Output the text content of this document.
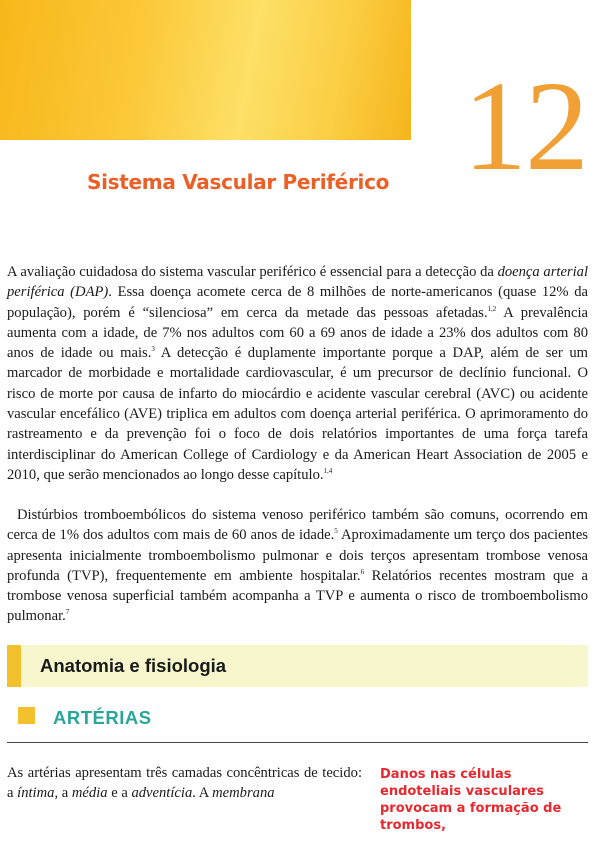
12
Sistema Vascular Periférico

A avaliação cuidadosa do sistema vascular periférico é essencial para a detecção da doença arterial periférica (DAP). Essa doença acomete cerca de 8 milhões de norte-americanos (quase 12% da população), porém é “silenciosa” em cerca da metade das pessoas afetadas.$^{1,2}$ A prevalência aumenta com a idade, de 7% nos adultos com 60 a 69 anos de idade a 23% dos adultos com 80 anos de idade ou mais.$^3$ A detecção é duplamente importante porque a DAP, além de ser um marcador de morbidade e mortalidade cardiovascular, é um precursor de declínio funcional. O risco de morte por causa de infarto do miocárdio e acidente vascular cerebral (AVC) ou acidente vascular encefálico (AVE) triplica em adultos com doença arterial periférica. O aprimoramento do rastreamento e da prevenção foi o foco de dois relatórios importantes de uma força tarefa interdisciplinar do American College of Cardiology e da American Heart Association de 2005 e 2010, que serão mencionados ao longo desse capítulo.$^{1,4}$

Distúrbios tromboembólicos do sistema venoso periférico também são comuns, ocorrendo em cerca de 1% dos adultos com mais de 60 anos de idade.$^5$ Aproximadamente um terço dos pacientes apresenta inicialmente tromboembolismo pulmonar e dois terços apresentam trombose venosa profunda (TVP), frequentemente em ambiente hospitalar.$^6$ Relatórios recentes mostram que a trombose venosa superficial também acompanha a TVP e aumenta o risco de tromboembolismo pulmonar.$^7$

Anatomia e fisiologia
ARTÉRIAS

As artérias apresentam três camadas concêntricas de tecido: a íntima, a média e a adventícia. A membrana

Danos nas células endoteliais vasculares provocam a formação de trombos,
